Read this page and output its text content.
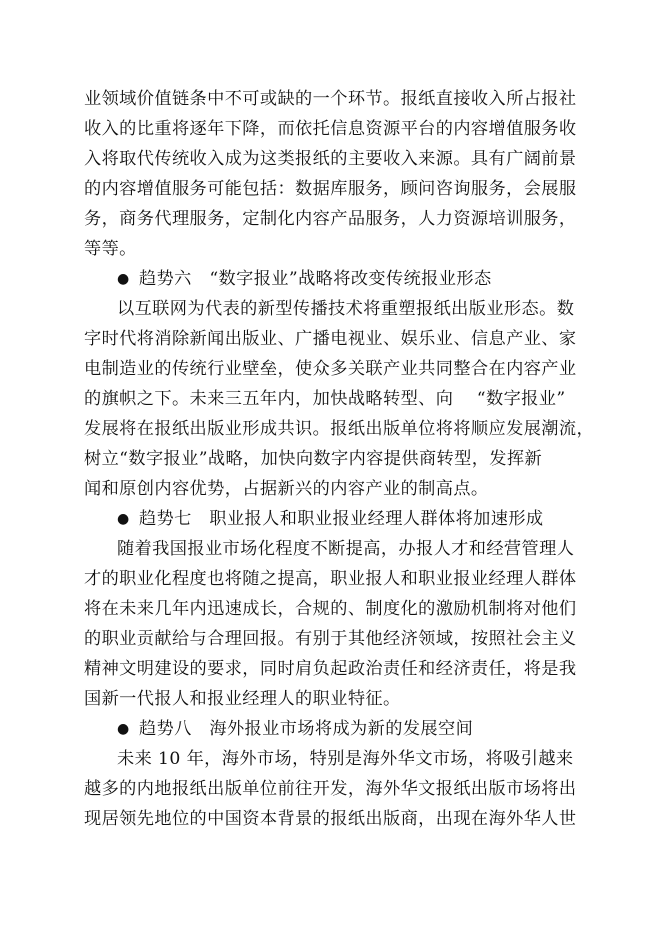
业领域价值链条中不可或缺的一个环节。报纸直接收入所占报社
收入的比重将逐年下降，而依托信息资源平台的内容增值服务收
入将取代传统收入成为这类报纸的主要收入来源。具有广阔前景
的内容增值服务可能包括：数据库服务，顾问咨询服务，会展服
务，商务代理服务，定制化内容产品服务，人力资源培训服务，
等等。
● 趋势六　“数字报业”战略将改变传统报业形态
以互联网为代表的新型传播技术将重塑报纸出版业形态。数
字时代将消除新闻出版业、广播电视业、娱乐业、信息产业、家
电制造业的传统行业壁垒，使众多关联产业共同整合在内容产业
的旗帜之下。未来三五年内，加快战略转型、向　 “数字报业”
发展将在报纸出版业形成共识。报纸出版单位将将顺应发展潮流，
树立“数字报业”战略，加快向数字内容提供商转型，发挥新
闻和原创内容优势，占据新兴的内容产业的制高点。
● 趋势七　职业报人和职业报业经理人群体将加速形成
随着我国报业市场化程度不断提高，办报人才和经营管理人
才的职业化程度也将随之提高，职业报人和职业报业经理人群体
将在未来几年内迅速成长，合规的、制度化的激励机制将对他们
的职业贡献给与合理回报。有别于其他经济领域，按照社会主义
精神文明建设的要求，同时肩负起政治责任和经济责任，将是我
国新一代报人和报业经理人的职业特征。
● 趋势八　海外报业市场将成为新的发展空间
未来 10 年，海外市场，特别是海外华文市场，将吸引越来
越多的内地报纸出版单位前往开发，海外华文报纸出版市场将出
现居领先地位的中国资本背景的报纸出版商，出现在海外华人世
